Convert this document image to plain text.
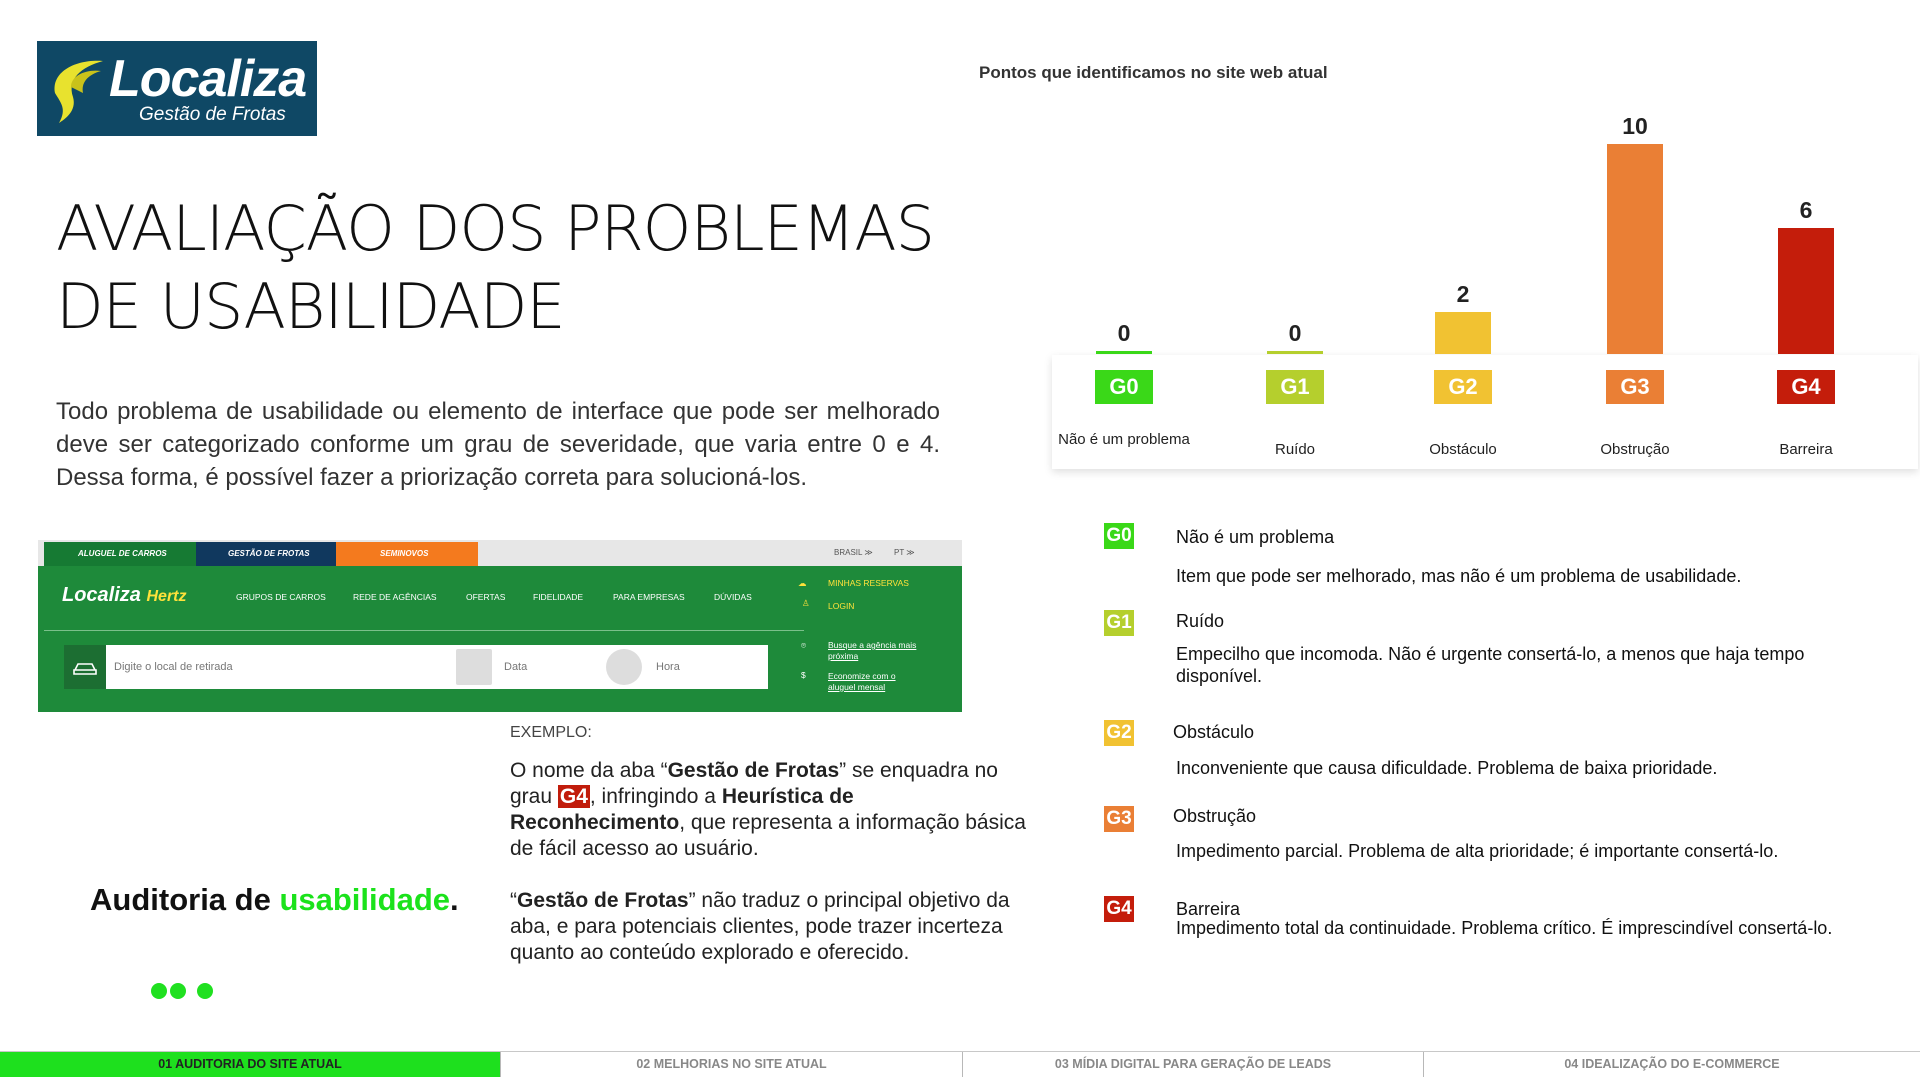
Localiza
Gestão de Frotas
AVALIAÇÃO DOS PROBLEMAS
DE USABILIDADE

Todo problema de usabilidade ou elemento de interface que pode ser melhorado deve ser categorizado conforme um grau de severidade, que varia entre 0 e 4. Dessa forma, é possível fazer a priorização correta para solucioná-los.

ALUGUEL DE CARROS	GESTÃO DE FROTAS	SEMINOVOS	BRASIL ≫	PT ≫
Localiza Hertz	GRUPOS DE CARROS	REDE DE AGÊNCIAS	OFERTAS	FIDELIDADE	PARA EMPRESAS	DÚVIDAS
☁	MINHAS RESERVAS
♙ LOGIN
Digite o local de retirada	Data	Hora
⌾	Busque a agência mais
próxima
$	Economize com o
aluguel mensal
EXEMPLO:

O nome da aba “Gestão de Frotas” se enquadra no grau G4, infringindo a Heurística de Reconhecimento, que representa a informação básica de fácil acesso ao usuário.

“Gestão de Frotas” não traduz o principal objetivo da aba, e para potenciais clientes, pode trazer incerteza quanto ao conteúdo explorado e oferecido.

Auditoria de usabilidade.
Pontos que identificamos no site web atual
0	0
2
10
6
G0
Não é um problema
G1
Ruído
G2
Obstáculo
G3
Obstrução
G4
Barreira
G0 Não é um problema
Item que pode ser melhorado, mas não é um problema de usabilidade.
G1 Ruído
Empecilho que incomoda. Não é urgente consertá-lo, a menos que haja tempo disponível.
G2 Obstáculo
Inconveniente que causa dificuldade. Problema de baixa prioridade.
G3 Obstrução
Impedimento parcial. Problema de alta prioridade; é importante consertá-lo.
G4 Barreira
Impedimento total da continuidade. Problema crítico. É imprescindível consertá-lo.
01 AUDITORIA DO SITE ATUAL	02 MELHORIAS NO SITE ATUAL	03 MÍDIA DIGITAL PARA GERAÇÃO DE LEADS	04 IDEALIZAÇÃO DO E-COMMERCE
